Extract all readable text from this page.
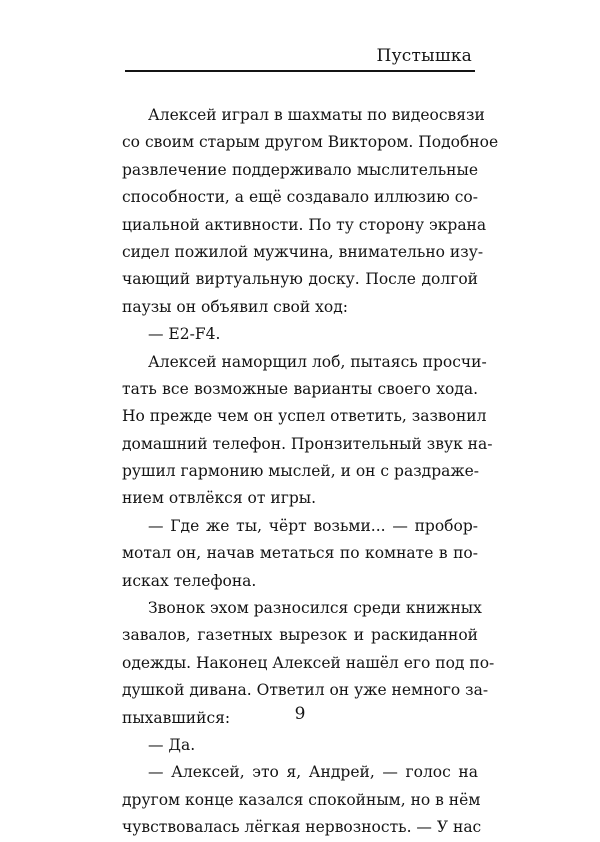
Пустышка
Алексей играл в шахматы по видеосвязи
со своим старым другом Виктором. Подобное
развлечение поддерживало мыслительные
способности, а ещё создавало иллюзию со-
циальной активности. По ту сторону экрана
сидел пожилой мужчина, внимательно изу-
чающий виртуальную доску. После долгой
паузы он объявил свой ход:
— E2-F4.
Алексей наморщил лоб, пытаясь просчи-
тать все возможные варианты своего хода.
Но прежде чем он успел ответить, зазвонил
домашний телефон. Пронзительный звук на-
рушил гармонию мыслей, и он с раздраже-
нием отвлёкся от игры.
— Где же ты, чёрт возьми... — пробор-
мотал он, начав метаться по комнате в по-
исках телефона.
Звонок эхом разносился среди книжных
завалов, газетных вырезок и раскиданной
одежды. Наконец Алексей нашёл его под по-
душкой дивана. Ответил он уже немного за-
пыхавшийся:
— Да.
— Алексей, это я, Андрей, — голос на
другом конце казался спокойным, но в нём
чувствовалась лёгкая нервозность. — У нас
9
